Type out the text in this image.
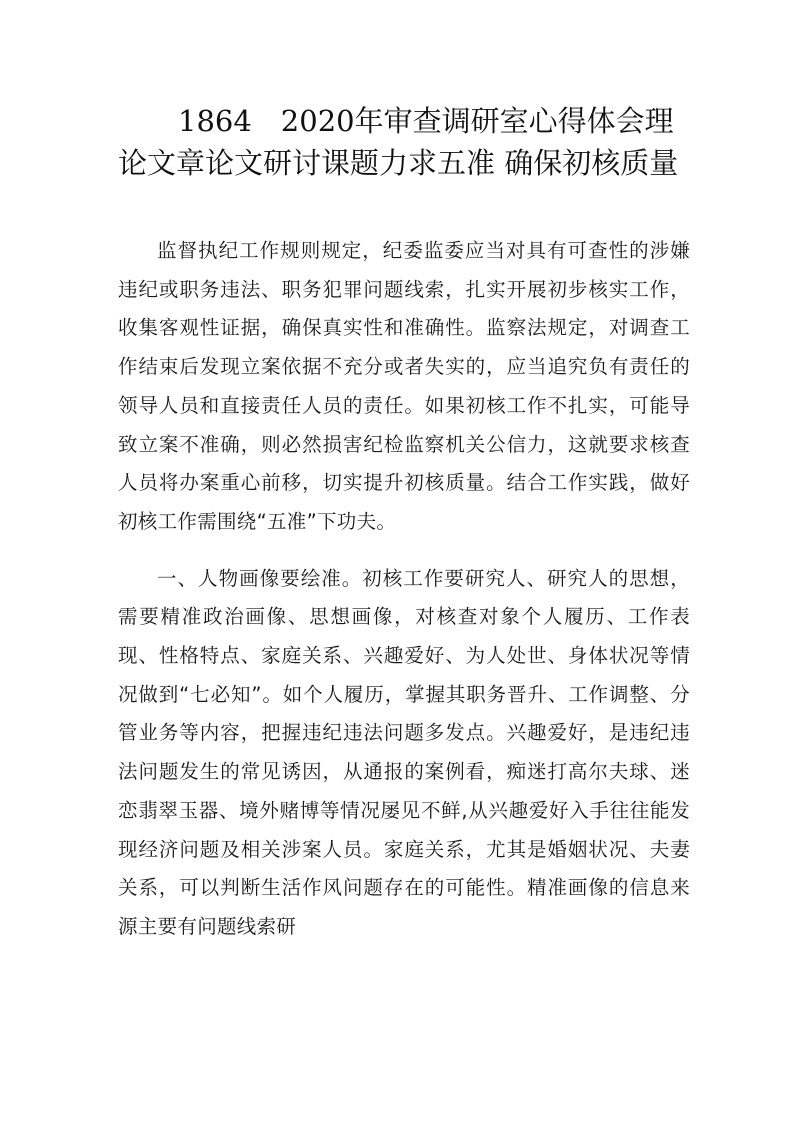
1864　2020年审查调研室心得体会理论文章论文研讨课题力求五准 确保初核质量

监督执纪工作规则规定，纪委监委应当对具有可查性的涉嫌违纪或职务违法、职务犯罪问题线索，扎实开展初步核实工作，收集客观性证据，确保真实性和准确性。监察法规定，对调查工作结束后发现立案依据不充分或者失实的，应当追究负有责任的领导人员和直接责任人员的责任。如果初核工作不扎实，可能导致立案不准确，则必然损害纪检监察机关公信力，这就要求核查人员将办案重心前移，切实提升初核质量。结合工作实践，做好初核工作需围绕“五准”下功夫。

一、人物画像要绘准。初核工作要研究人、研究人的思想，需要精准政治画像、思想画像，对核查对象个人履历、工作表现、性格特点、家庭关系、兴趣爱好、为人处世、身体状况等情况做到“七必知”。如个人履历，掌握其职务晋升、工作调整、分管业务等内容，把握违纪违法问题多发点。兴趣爱好，是违纪违法问题发生的常见诱因，从通报的案例看，痴迷打高尔夫球、迷恋翡翠玉器、境外赌博等情况屡见不鲜,从兴趣爱好入手往往能发现经济问题及相关涉案人员。家庭关系，尤其是婚姻状况、夫妻关系，可以判断生活作风问题存在的可能性。精准画像的信息来源主要有问题线索研
